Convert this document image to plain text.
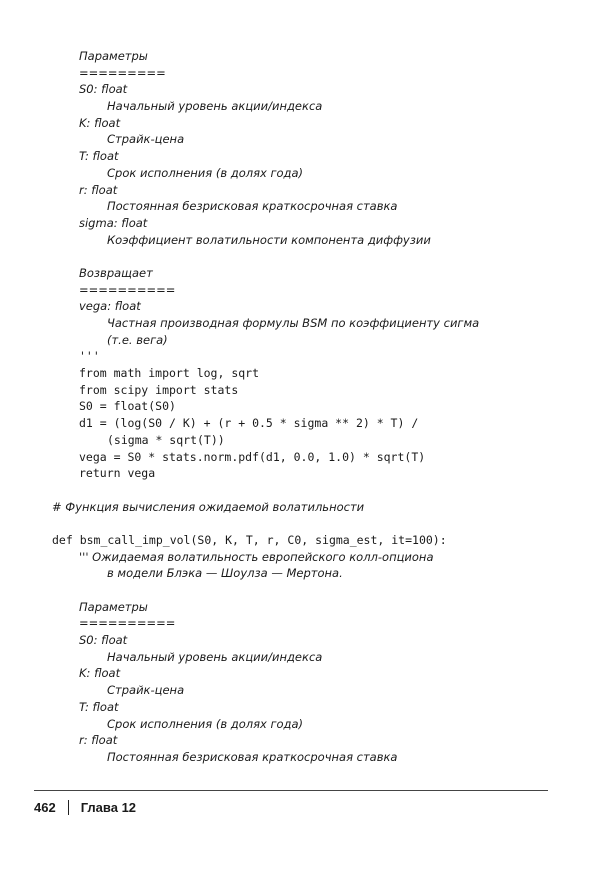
Параметры
=========
S0: float
Начальный уровень акции/индекса
K: float
Страйк-цена
T: float
Срок исполнения (в долях года)
r: float
Постоянная безрисковая краткосрочная ставка
sigma: float
Коэффициент волатильности компонента диффузии
Возвращает
==========
vega: float
Частная производная формулы BSM по коэффициенту сигма
(т.е. вега)
'''
from math import log, sqrt
from scipy import stats
S0 = float(S0)
d1 = (log(S0 / K) + (r + 0.5 * sigma ** 2) * T) /
(sigma * sqrt(T))
vega = S0 * stats.norm.pdf(d1, 0.0, 1.0) * sqrt(T)
return vega
# Функция вычисления ожидаемой волатильности
def bsm_call_imp_vol(S0, K, T, r, C0, sigma_est, it=100):
''' Ожидаемая волатильность европейского колл-опциона
в модели Блэка — Шоулза — Мертона.
Параметры
==========
S0: float
Начальный уровень акции/индекса
K: float
Страйк-цена
T: float
Срок исполнения (в долях года)
r: float
Постоянная безрисковая краткосрочная ставка
462 Глава 12
